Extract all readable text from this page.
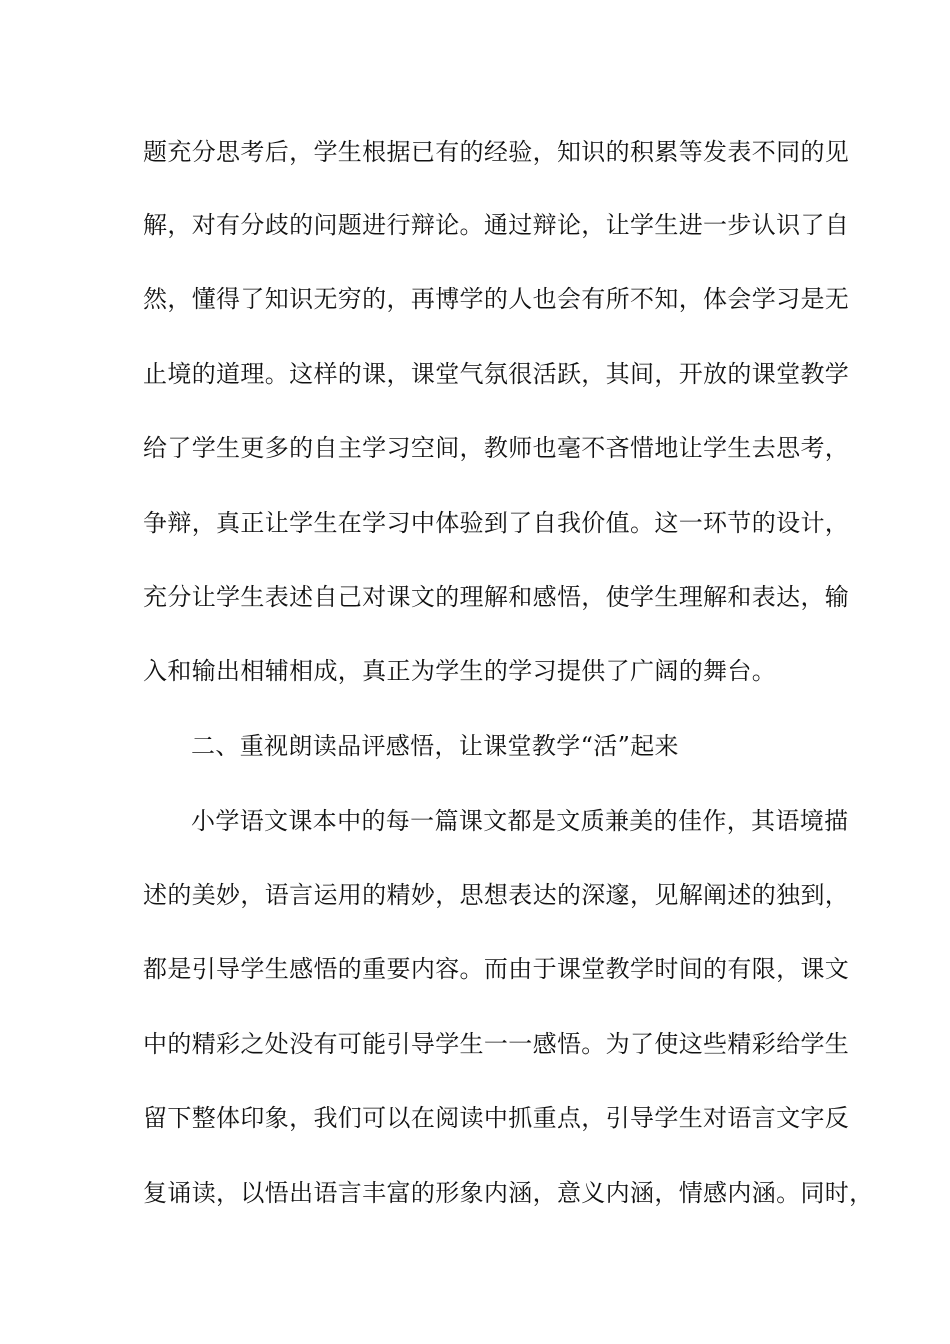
题充分思考后，学生根据已有的经验，知识的积累等发表不同的见
解，对有分歧的问题进行辩论。通过辩论，让学生进一步认识了自
然，懂得了知识无穷的，再博学的人也会有所不知，体会学习是无
止境的道理。这样的课，课堂气氛很活跃，其间，开放的课堂教学
给了学生更多的自主学习空间，教师也毫不吝惜地让学生去思考，
争辩，真正让学生在学习中体验到了自我价值。这一环节的设计，
充分让学生表述自己对课文的理解和感悟，使学生理解和表达，输
入和输出相辅相成，真正为学生的学习提供了广阔的舞台。
二、重视朗读品评感悟，让课堂教学“活”起来
小学语文课本中的每一篇课文都是文质兼美的佳作，其语境描
述的美妙，语言运用的精妙，思想表达的深邃，见解阐述的独到，
都是引导学生感悟的重要内容。而由于课堂教学时间的有限，课文
中的精彩之处没有可能引导学生一一感悟。为了使这些精彩给学生
留下整体印象，我们可以在阅读中抓重点，引导学生对语言文字反
复诵读，以悟出语言丰富的形象内涵，意义内涵，情感内涵。同时，
